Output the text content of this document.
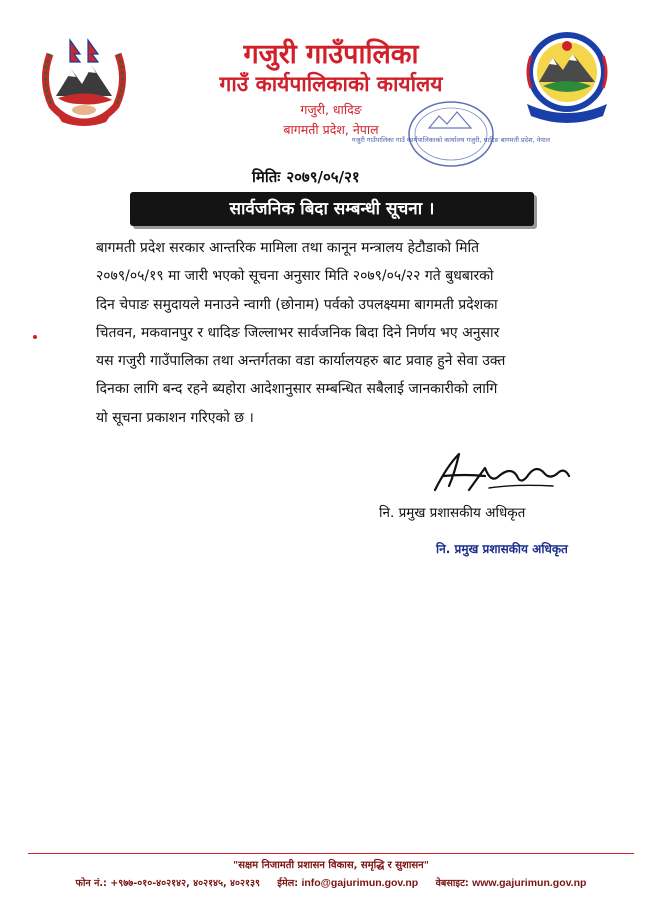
गजुरी गाउँपालिका
गाउँ कार्यपालिकाको कार्यालय
गजुरी, धादिङ
बागमती प्रदेश, नेपाल
गजुरी गाउँपालिका गाउँ कार्यपालिकाको कार्यालय गजुरी, धादिङ बागमती प्रदेश, नेपाल
मितिः २०७९/०५/२१
सार्वजनिक बिदा सम्बन्धी सूचना ।
बागमती प्रदेश सरकार आन्तरिक मामिला तथा कानून मन्त्रालय हेटौडाको मिति
२०७९/०५/१९ मा जारी भएको सूचना अनुसार मिति २०७९/०५/२२ गते बुधबारको
दिन चेपाङ समुदायले मनाउने न्वागी (छोनाम) पर्वको उपलक्ष्यमा बागमती प्रदेशका
चितवन, मकवानपुर र धादिङ जिल्लाभर सार्वजनिक बिदा दिने निर्णय भए अनुसार
यस गजुरी गाउँपालिका तथा अन्तर्गतका वडा कार्यालयहरु बाट प्रवाह हुने सेवा उक्त
दिनका लागि बन्द रहने ब्यहोरा आदेशानुसार सम्बन्धित सबैलाई जानकारीको लागि
यो सूचना प्रकाशन गरिएको छ ।
नि. प्रमुख प्रशासकीय अधिकृत
नि. प्रमुख प्रशासकीय अधिकृत
"सक्षम निजामती प्रशासन विकास, समृद्धि र सुशासन"
फोन नं.: +९७७-०१०-४०२१४२, ४०२१४५, ४०२१३९ ईमेल: info@gajurimun.gov.np वेबसाइट: www.gajurimun.gov.np
